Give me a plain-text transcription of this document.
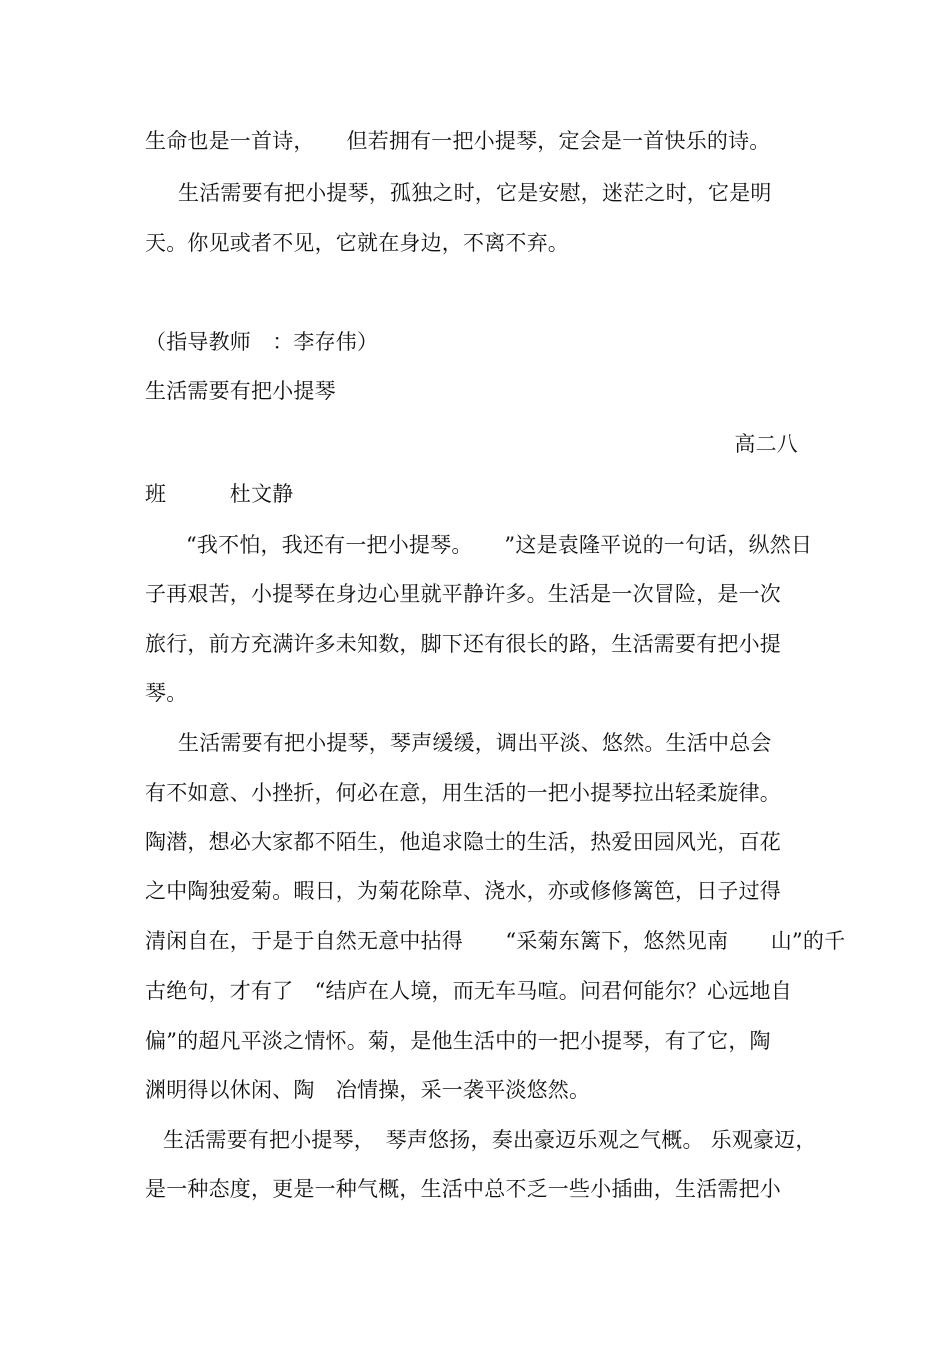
生命也是一首诗，　　但若拥有一把小提琴，定会是一首快乐的诗。
生活需要有把小提琴，孤独之时，它是安慰，迷茫之时，它是明
天。你见或者不见，它就在身边，不离不弃。
（指导教师　：李存伟）
生活需要有把小提琴
高二八
班　　　杜文静
“我不怕，我还有一把小提琴。　　”这是袁隆平说的一句话，纵然日
子再艰苦，小提琴在身边心里就平静许多。生活是一次冒险，是一次
旅行，前方充满许多未知数，脚下还有很长的路，生活需要有把小提
琴。
生活需要有把小提琴，琴声缓缓，调出平淡、悠然。生活中总会
有不如意、小挫折，何必在意，用生活的一把小提琴拉出轻柔旋律。
陶潜，想必大家都不陌生，他追求隐士的生活，热爱田园风光，百花
之中陶独爱菊。暇日，为菊花除草、浇水，亦或修修篱笆，日子过得
清闲自在，于是于自然无意中拈得　　“采菊东篱下，悠然见南　　山”的千
古绝句，才有了　“结庐在人境，而无车马喧。问君何能尔？心远地自
偏”的超凡平淡之情怀。菊，是他生活中的一把小提琴，有了它，陶
渊明得以休闲、陶　冶情操，采一袭平淡悠然。
生活需要有把小提琴，　琴声悠扬，奏出豪迈乐观之气概。 乐观豪迈，
是一种态度，更是一种气概，生活中总不乏一些小插曲，生活需把小
